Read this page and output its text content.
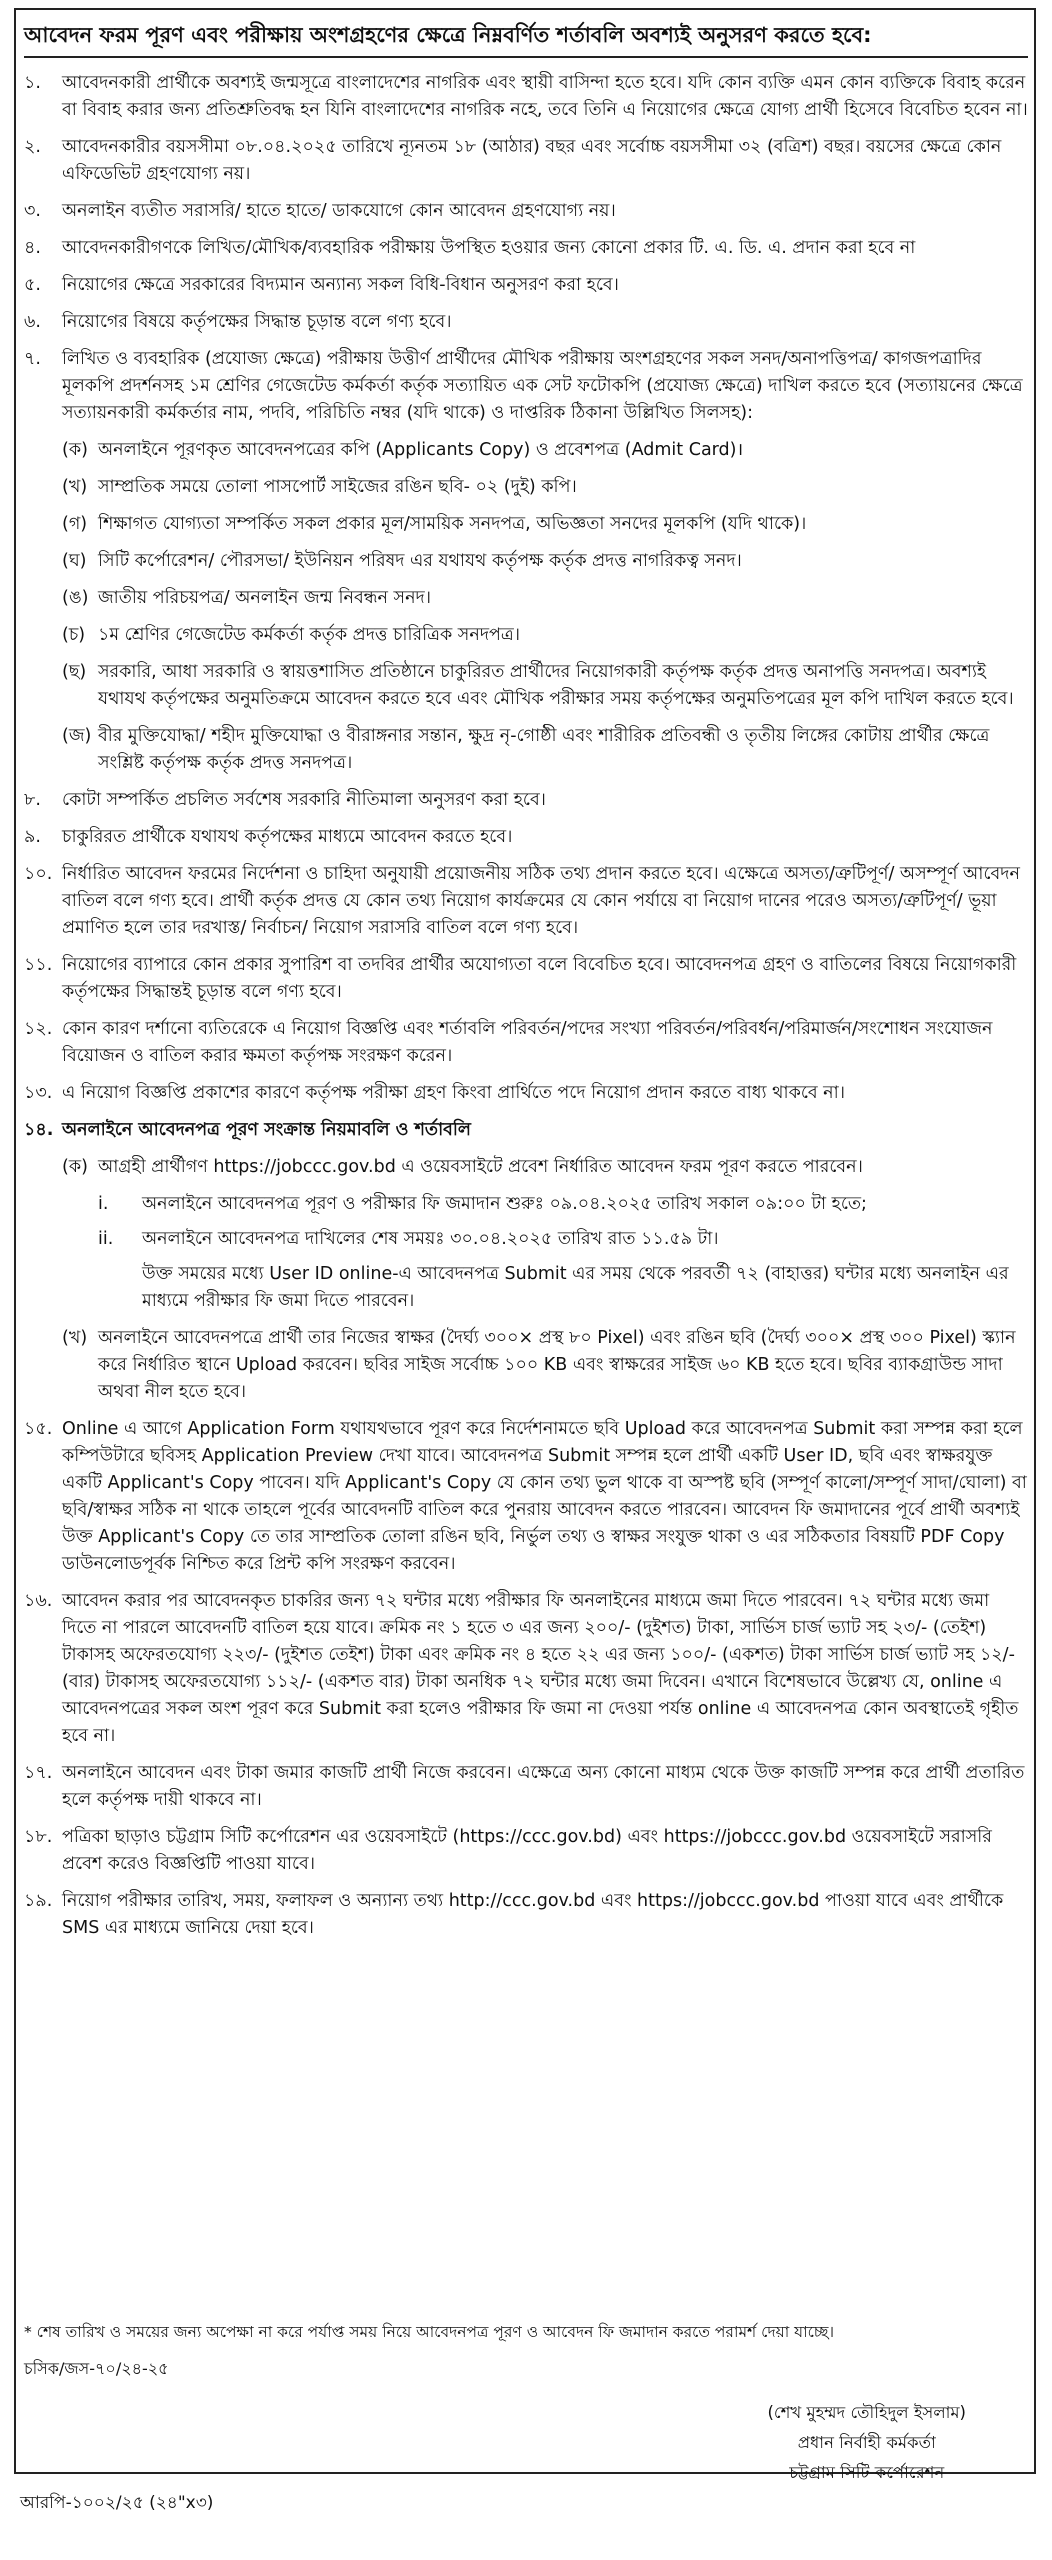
আবেদন ফরম পূরণ এবং পরীক্ষায় অংশগ্রহণের ক্ষেত্রে নিম্নবর্ণিত শর্তাবলি অবশ্যই অনুসরণ করতে হবে:
১.	আবেদনকারী প্রার্থীকে অবশ্যই জন্মসূত্রে বাংলাদেশের নাগরিক এবং স্থায়ী বাসিন্দা হতে হবে। যদি কোন ব্যক্তি এমন কোন ব্যক্তিকে বিবাহ করেন বা বিবাহ করার জন্য প্রতিশ্রুতিবদ্ধ হন যিনি বাংলাদেশের নাগরিক নহে, তবে তিনি এ নিয়োগের ক্ষেত্রে যোগ্য প্রার্থী হিসেবে বিবেচিত হবেন না।
২.	আবেদনকারীর বয়সসীমা ০৮.০৪.২০২৫ তারিখে ন্যূনতম ১৮ (আঠার) বছর এবং সর্বোচ্চ বয়সসীমা ৩২ (বত্রিশ) বছর। বয়সের ক্ষেত্রে কোন এফিডেভিট গ্রহণযোগ্য নয়।
৩.	অনলাইন ব্যতীত সরাসরি/ হাতে হাতে/ ডাকযোগে কোন আবেদন গ্রহণযোগ্য নয়।
৪.	আবেদনকারীগণকে লিখিত/মৌখিক/ব্যবহারিক পরীক্ষায় উপস্থিত হওয়ার জন্য কোনো প্রকার টি. এ. ডি. এ. প্রদান করা হবে না
৫.	নিয়োগের ক্ষেত্রে সরকারের বিদ্যমান অন্যান্য সকল বিধি-বিধান অনুসরণ করা হবে।
৬.	নিয়োগের বিষয়ে কর্তৃপক্ষের সিদ্ধান্ত চূড়ান্ত বলে গণ্য হবে।
৭.	লিখিত ও ব্যবহারিক (প্রযোজ্য ক্ষেত্রে) পরীক্ষায় উত্তীর্ণ প্রার্থীদের মৌখিক পরীক্ষায় অংশগ্রহণের সকল সনদ/অনাপত্তিপত্র/ কাগজপত্রাদির মূলকপি প্রদর্শনসহ ১ম শ্রেণির গেজেটেড কর্মকর্তা কর্তৃক সত্যায়িত এক সেট ফটোকপি (প্রযোজ্য ক্ষেত্রে) দাখিল করতে হবে (সত্যায়নের ক্ষেত্রে সত্যায়নকারী কর্মকর্তার নাম, পদবি, পরিচিতি নম্বর (যদি থাকে) ও দাপ্তরিক ঠিকানা উল্লিখিত সিলসহ):
(ক) অনলাইনে পূরণকৃত আবেদনপত্রের কপি (Applicants Copy) ও প্রবেশপত্র (Admit Card)।
(খ) সাম্প্রতিক সময়ে তোলা পাসপোর্ট সাইজের রঙিন ছবি- ০২ (দুই) কপি।
(গ) শিক্ষাগত যোগ্যতা সম্পর্কিত সকল প্রকার মূল/সাময়িক সনদপত্র, অভিজ্ঞতা সনদের মূলকপি (যদি থাকে)।
(ঘ) সিটি কর্পোরেশন/ পৌরসভা/ ইউনিয়ন পরিষদ এর যথাযথ কর্তৃপক্ষ কর্তৃক প্রদত্ত নাগরিকত্ব সনদ।
(ঙ) জাতীয় পরিচয়পত্র/ অনলাইন জন্ম নিবন্ধন সনদ।
(চ) ১ম শ্রেণির গেজেটেড কর্মকর্তা কর্তৃক প্রদত্ত চারিত্রিক সনদপত্র।
(ছ) সরকারি, আধা সরকারি ও স্বায়ত্তশাসিত প্রতিষ্ঠানে চাকুরিরত প্রার্থীদের নিয়োগকারী কর্তৃপক্ষ কর্তৃক প্রদত্ত অনাপত্তি সনদপত্র। অবশ্যই যথাযথ কর্তৃপক্ষের অনুমতিক্রমে আবেদন করতে হবে এবং মৌখিক পরীক্ষার সময় কর্তৃপক্ষের অনুমতিপত্রের মূল কপি দাখিল করতে হবে।
(জ) বীর মুক্তিযোদ্ধা/ শহীদ মুক্তিযোদ্ধা ও বীরাঙ্গনার সন্তান, ক্ষুদ্র নৃ-গোষ্ঠী এবং শারীরিক প্রতিবন্ধী ও তৃতীয় লিঙ্গের কোটায় প্রার্থীর ক্ষেত্রে সংশ্লিষ্ট কর্তৃপক্ষ কর্তৃক প্রদত্ত সনদপত্র।
৮.	কোটা সম্পর্কিত প্রচলিত সর্বশেষ সরকারি নীতিমালা অনুসরণ করা হবে।
৯.	চাকুরিরত প্রার্থীকে যথাযথ কর্তৃপক্ষের মাধ্যমে আবেদন করতে হবে।
১০. নির্ধারিত আবেদন ফরমের নির্দেশনা ও চাহিদা অনুযায়ী প্রয়োজনীয় সঠিক তথ্য প্রদান করতে হবে। এক্ষেত্রে অসত্য/ত্রুটিপূর্ণ/ অসম্পূর্ণ আবেদন বাতিল বলে গণ্য হবে। প্রার্থী কর্তৃক প্রদত্ত যে কোন তথ্য নিয়োগ কার্যক্রমের যে কোন পর্যায়ে বা নিয়োগ দানের পরেও অসত্য/ত্রুটিপূর্ণ/ ভূয়া প্রমাণিত হলে তার দরখাস্ত/ নির্বাচন/ নিয়োগ সরাসরি বাতিল বলে গণ্য হবে।
১১. নিয়োগের ব্যাপারে কোন প্রকার সুপারিশ বা তদবির প্রার্থীর অযোগ্যতা বলে বিবেচিত হবে। আবেদনপত্র গ্রহণ ও বাতিলের বিষয়ে নিয়োগকারী কর্তৃপক্ষের সিদ্ধান্তই চূড়ান্ত বলে গণ্য হবে।
১২. কোন কারণ দর্শানো ব্যতিরেকে এ নিয়োগ বিজ্ঞপ্তি এবং শর্তাবলি পরিবর্তন/পদের সংখ্যা পরিবর্তন/পরিবর্ধন/পরিমার্জন/সংশোধন সংযোজন বিয়োজন ও বাতিল করার ক্ষমতা কর্তৃপক্ষ সংরক্ষণ করেন।
১৩. এ নিয়োগ বিজ্ঞপ্তি প্রকাশের কারণে কর্তৃপক্ষ পরীক্ষা গ্রহণ কিংবা প্রার্থিতে পদে নিয়োগ প্রদান করতে বাধ্য থাকবে না।
১৪. অনলাইনে আবেদনপত্র পূরণ সংক্রান্ত নিয়মাবলি ও শর্তাবলি
(ক) আগ্রহী প্রার্থীগণ https://jobccc.gov.bd এ ওয়েবসাইটে প্রবেশ নির্ধারিত আবেদন ফরম পূরণ করতে পারবেন।
i.	অনলাইনে আবেদনপত্র পূরণ ও পরীক্ষার ফি জমাদান শুরুঃ ০৯.০৪.২০২৫ তারিখ সকাল ০৯:০০ টা হতে;
ii.	অনলাইনে আবেদনপত্র দাখিলের শেষ সময়ঃ ৩০.০৪.২০২৫ তারিখ রাত ১১.৫৯ টা।
উক্ত সময়ের মধ্যে User ID online-এ আবেদনপত্র Submit এর সময় থেকে পরবর্তী ৭২ (বাহাত্তর) ঘন্টার মধ্যে অনলাইন এর মাধ্যমে পরীক্ষার ফি জমা দিতে পারবেন।
(খ) অনলাইনে আবেদনপত্রে প্রার্থী তার নিজের স্বাক্ষর (দৈর্ঘ্য ৩০০× প্রস্থ ৮০ Pixel) এবং রঙিন ছবি (দৈর্ঘ্য ৩০০× প্রস্থ ৩০০ Pixel) স্ক্যান করে নির্ধারিত স্থানে Upload করবেন। ছবির সাইজ সর্বোচ্চ ১০০ KB এবং স্বাক্ষরের সাইজ ৬০ KB হতে হবে। ছবির ব্যাকগ্রাউন্ড সাদা অথবা নীল হতে হবে।
১৫. Online এ আগে Application Form যথাযথভাবে পূরণ করে নির্দেশনামতে ছবি Upload করে আবেদনপত্র Submit করা সম্পন্ন করা হলে কম্পিউটারে ছবিসহ Application Preview দেখা যাবে। আবেদনপত্র Submit সম্পন্ন হলে প্রার্থী একটি User ID, ছবি এবং স্বাক্ষরযুক্ত একটি Applicant's Copy পাবেন। যদি Applicant's Copy যে কোন তথ্য ভুল থাকে বা অস্পষ্ট ছবি (সম্পূর্ণ কালো/সম্পূর্ণ সাদা/ঘোলা) বা ছবি/স্বাক্ষর সঠিক না থাকে তাহলে পূর্বের আবেদনটি বাতিল করে পুনরায় আবেদন করতে পারবেন। আবেদন ফি জমাদানের পূর্বে প্রার্থী অবশ্যই উক্ত Applicant's Copy তে তার সাম্প্রতিক তোলা রঙিন ছবি, নির্ভুল তথ্য ও স্বাক্ষর সংযুক্ত থাকা ও এর সঠিকতার বিষয়টি PDF Copy ডাউনলোডপূর্বক নিশ্চিত করে প্রিন্ট কপি সংরক্ষণ করবেন।
১৬. আবেদন করার পর আবেদনকৃত চাকরির জন্য ৭২ ঘন্টার মধ্যে পরীক্ষার ফি অনলাইনের মাধ্যমে জমা দিতে পারবেন। ৭২ ঘন্টার মধ্যে জমা দিতে না পারলে আবেদনটি বাতিল হয়ে যাবে। ক্রমিক নং ১ হতে ৩ এর জন্য ২০০/- (দুইশত) টাকা, সার্ভিস চার্জ ভ্যাট সহ ২৩/- (তেইশ) টাকাসহ অফেরতযোগ্য ২২৩/- (দুইশত তেইশ) টাকা এবং ক্রমিক নং ৪ হতে ২২ এর জন্য ১০০/- (একশত) টাকা সার্ভিস চার্জ ভ্যাট সহ ১২/- (বার) টাকাসহ অফেরতযোগ্য ১১২/- (একশত বার) টাকা অনধিক ৭২ ঘন্টার মধ্যে জমা দিবেন। এখানে বিশেষভাবে উল্লেখ্য যে, online এ আবেদনপত্রের সকল অংশ পূরণ করে Submit করা হলেও পরীক্ষার ফি জমা না দেওয়া পর্যন্ত online এ আবেদনপত্র কোন অবস্থাতেই গৃহীত হবে না।
১৭. অনলাইনে আবেদন এবং টাকা জমার কাজটি প্রার্থী নিজে করবেন। এক্ষেত্রে অন্য কোনো মাধ্যম থেকে উক্ত কাজটি সম্পন্ন করে প্রার্থী প্রতারিত হলে কর্তৃপক্ষ দায়ী থাকবে না।
১৮. পত্রিকা ছাড়াও চট্টগ্রাম সিটি কর্পোরেশন এর ওয়েবসাইটে (https://ccc.gov.bd) এবং https://jobccc.gov.bd ওয়েবসাইটে সরাসরি প্রবেশ করেও বিজ্ঞপ্তিটি পাওয়া যাবে।
১৯. নিয়োগ পরীক্ষার তারিখ, সময়, ফলাফল ও অন্যান্য তথ্য http://ccc.gov.bd এবং https://jobccc.gov.bd পাওয়া যাবে এবং প্রার্থীকে SMS এর মাধ্যমে জানিয়ে দেয়া হবে।
* শেষ তারিখ ও সময়ের জন্য অপেক্ষা না করে পর্যাপ্ত সময় নিয়ে আবেদনপত্র পূরণ ও আবেদন ফি জমাদান করতে পরামর্শ দেয়া যাচ্ছে।
চসিক/জস-৭০/২৪-২৫
(শেখ মুহম্মদ তৌহিদুল ইসলাম)
প্রধান নির্বাহী কর্মকর্তা
চট্টগ্রাম সিটি কর্পোরেশন
আরপি-১০০২/২৫ (২৪"x৩)
